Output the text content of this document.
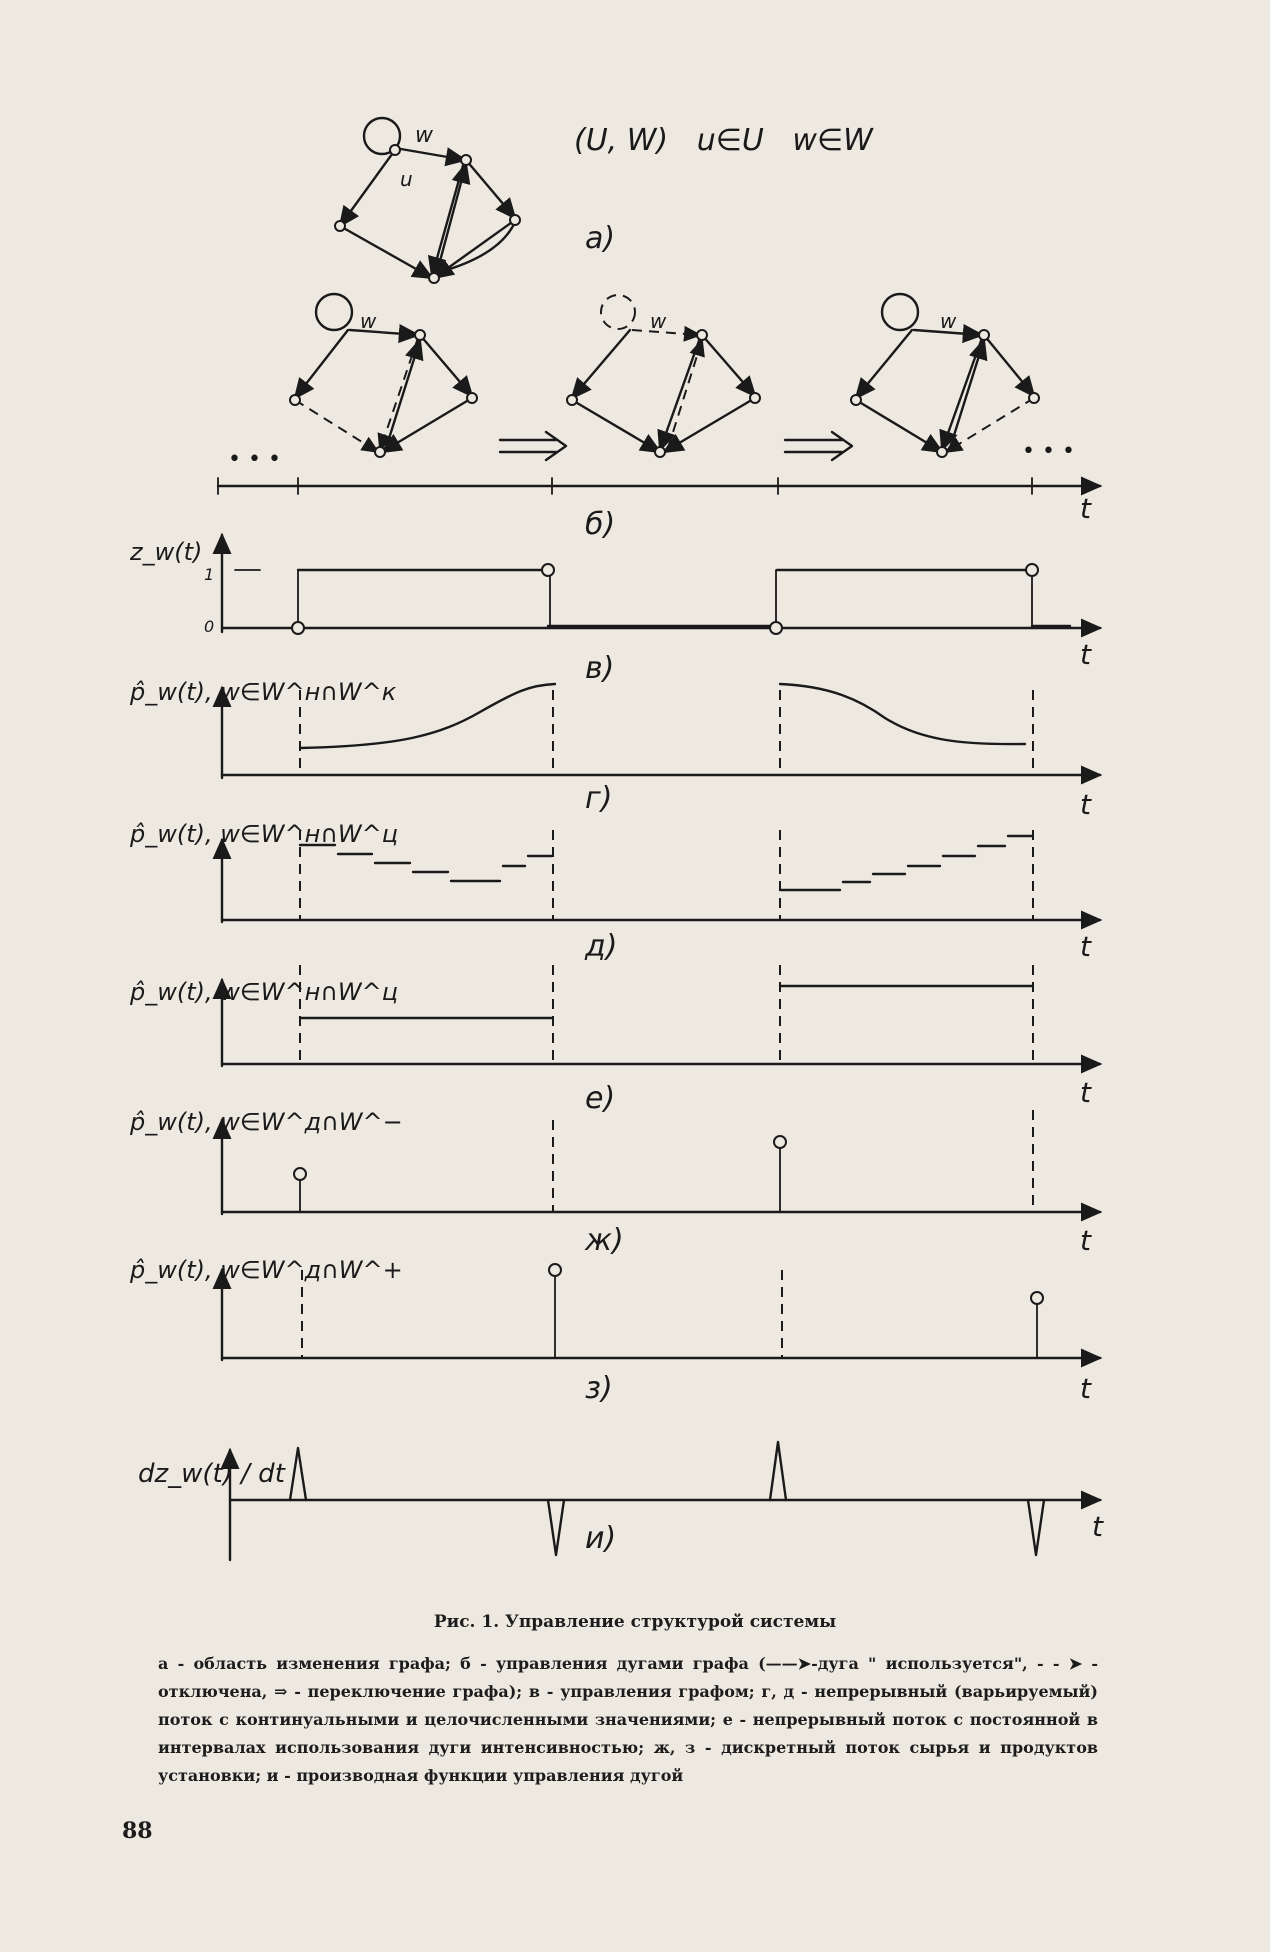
w
u
(U, W)   u∈U   w∈W
а)
w	w	w
• • •	• • •
t
б)
z_w(t)
1
0
t
в)
p̂_w(t), w∈W^н∩W^к
t
г)
p̂_w(t), w∈W^н∩W^ц
t
д)
p̂_w(t), w∈W^н∩W^ц
t
е)
p̂_w(t), w∈W^д∩W^−
t
ж)
p̂_w(t), w∈W^д∩W^+
t
з)
dz_w(t) / dt
t
и)
Рис. 1. Управление структурой системы
а - область изменения графа; б - управления дугами графа (——➤-дуга " используется", - - ➤ - отключена, ⇒ - переключение графа); в - управления графом; г, д - непрерывный (варьируемый) поток с континуальными и целочисленными значениями; е - непрерывный поток с постоянной в интервалах использования дуги интенсивностью; ж, з - дискретный поток сырья и продуктов установки; и - производная функции управления дугой
88
